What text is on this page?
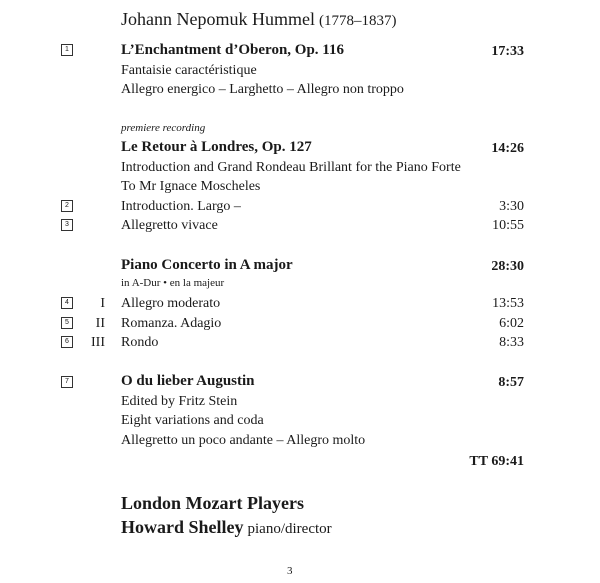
Johann Nepomuk Hummel (1778–1837)
1	L’Enchantment d’Oberon, Op. 116	17:33
Fantaisie caractéristique
Allegro energico – Larghetto – Allegro non troppo
premiere recording
Le Retour à Londres, Op. 127	14:26
Introduction and Grand Rondeau Brillant for the Piano Forte
To Mr Ignace Moscheles
2	Introduction. Largo –	3:30
3	Allegretto vivace	10:55
Piano Concerto in A major	28:30
in A-Dur • en la majeur
4 I Allegro moderato	13:53
5 II Romanza. Adagio	6:02
6 III Rondo	8:33
7	O du lieber Augustin	8:57
Edited by Fritz Stein
Eight variations and coda
Allegretto un poco andante – Allegro molto
TT 69:41
London Mozart Players
Howard Shelley piano/director
3
